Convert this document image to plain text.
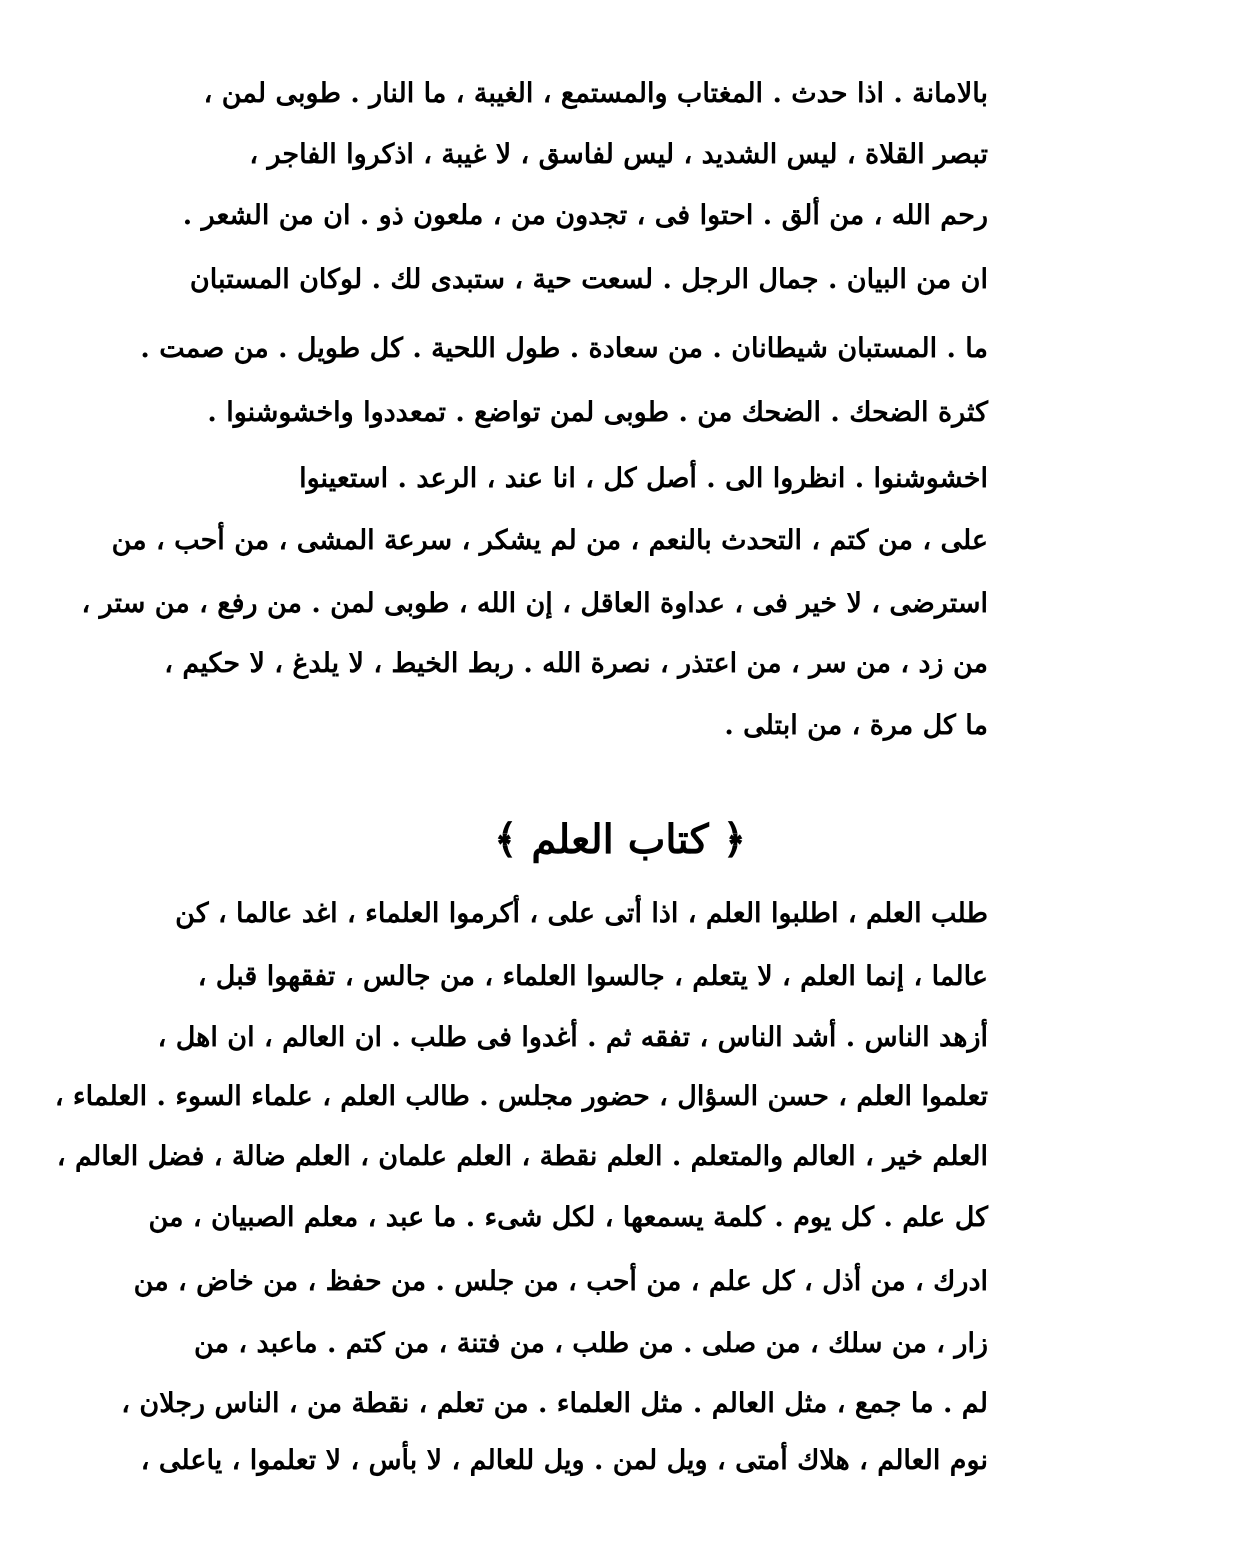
بالامانة . اذا حدث . المغتاب والمستمع ، الغيبة ، ما النار . طوبى لمن ،
تبصر القلاة ، ليس الشديد ، ليس لفاسق ، لا غيبة ، اذكروا الفاجر ،
رحم الله ، من ألق . احتوا فى ، تجدون من ، ملعون ذو . ان من الشعر .
ان من البيان . جمال الرجل . لسعت حية ، ستبدى لك . لوكان المستبان
ما . المستبان شيطانان . من سعادة . طول اللحية . كل طويل . من صمت .
كثرة الضحك . الضحك من . طوبى لمن تواضع . تمعددوا واخشوشنوا .
اخشوشنوا . انظروا الى . أصل كل ، انا عند ، الرعد . استعينوا
على ، من كتم ، التحدث بالنعم ، من لم يشكر ، سرعة المشى ، من أحب ، من
استرضى ، لا خير فى ، عداوة العاقل ، إن الله ، طوبى لمن . من رفع ، من ستر ،
من زد ، من سر ، من اعتذر ، نصرة الله . ربط الخيط ، لا يلدغ ، لا حكيم ،
ما كل مرة ، من ابتلى .
﴿ كتاب العلم ﴾
طلب العلم ، اطلبوا العلم ، اذا أتى على ، أكرموا العلماء ، اغد عالما ، كن
عالما ، إنما العلم ، لا يتعلم ، جالسوا العلماء ، من جالس ، تفقهوا قبل ،
أزهد الناس . أشد الناس ، تفقه ثم . أغدوا فى طلب . ان العالم ، ان اهل ،
تعلموا العلم ، حسن السؤال ، حضور مجلس . طالب العلم ، علماء السوء . العلماء ،
العلم خير ، العالم والمتعلم . العلم نقطة ، العلم علمان ، العلم ضالة ، فضل العالم ،
كل علم . كل يوم . كلمة يسمعها ، لكل شىء . ما عبد ، معلم الصبيان ، من
ادرك ، من أذل ، كل علم ، من أحب ، من جلس . من حفظ ، من خاض ، من
زار ، من سلك ، من صلى . من طلب ، من فتنة ، من كتم . ماعبد ، من
لم . ما جمع ، مثل العالم . مثل العلماء . من تعلم ، نقطة من ، الناس رجلان ،
نوم العالم ، هلاك أمتى ، ويل لمن . ويل للعالم ، لا بأس ، لا تعلموا ، ياعلى ،
